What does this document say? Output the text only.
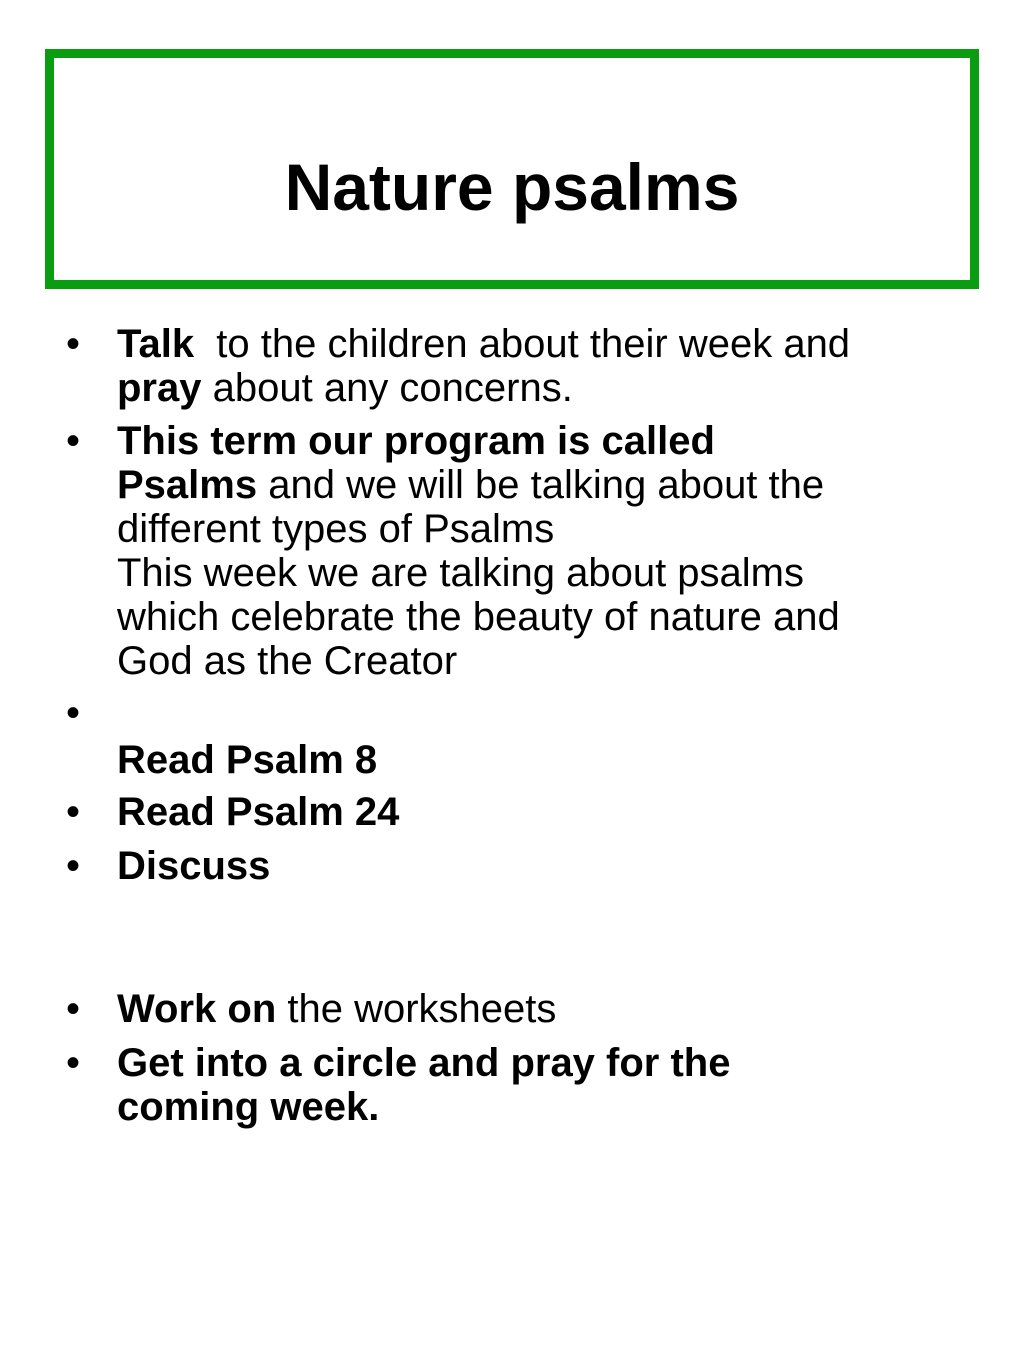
Nature psalms
• Talk  to the children about their week and
pray about any concerns.
• This term our program is called
Psalms and we will be talking about the
different types of Psalms
This week we are talking about psalms
which celebrate the beauty of nature and
God as the Creator
•

Read Psalm 8
• Read Psalm 24
• Discuss
• Work on the worksheets
• Get into a circle and pray for the
coming week.
